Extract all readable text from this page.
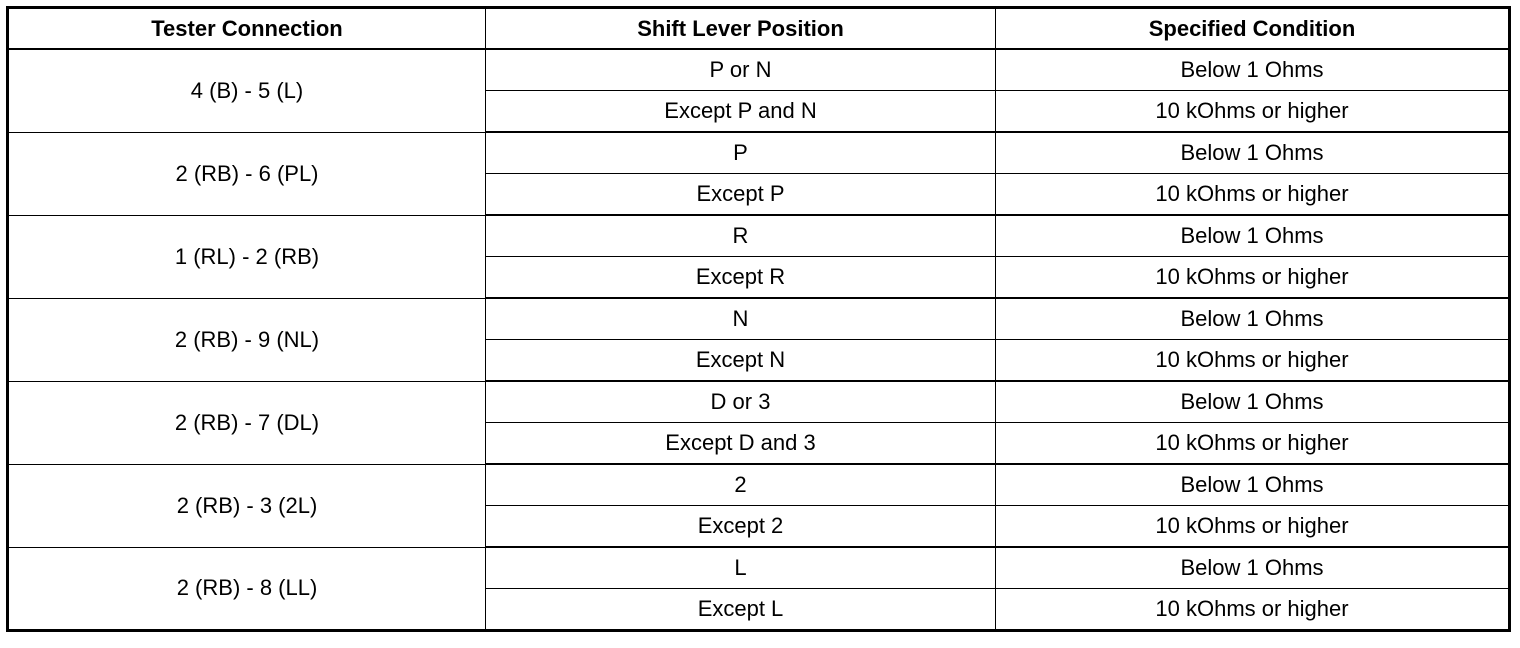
Tester Connection	Shift Lever Position	Specified Condition
4 (B) - 5 (L)	P or N	Below 1 Ohms
	Except P and N	10 kOhms or higher
2 (RB) - 6 (PL)	P	Below 1 Ohms
	Except P	10 kOhms or higher
1 (RL) - 2 (RB)	R	Below 1 Ohms
	Except R	10 kOhms or higher
2 (RB) - 9 (NL)	N	Below 1 Ohms
	Except N	10 kOhms or higher
2 (RB) - 7 (DL)	D or 3	Below 1 Ohms
	Except D and 3	10 kOhms or higher
2 (RB) - 3 (2L)	2	Below 1 Ohms
	Except 2	10 kOhms or higher
2 (RB) - 8 (LL)	L	Below 1 Ohms
	Except L	10 kOhms or higher
